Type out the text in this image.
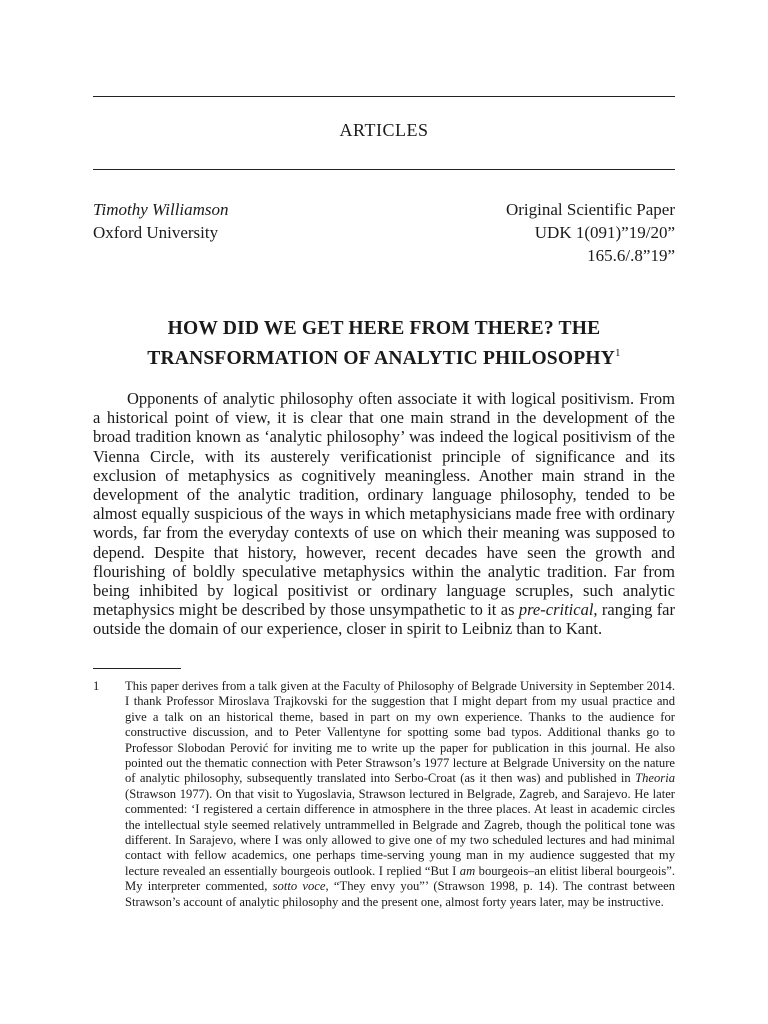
ARTICLES
Timothy Williamson
Oxford University
Original Scientific Paper
UDK 1(091)”19/20”
165.6/.8”19”
HOW DID WE GET HERE FROM THERE? THE
TRANSFORMATION OF ANALYTIC PHILOSOPHY$^1$

Opponents of analytic philosophy often associate it with logical positivism. From a historical point of view, it is clear that one main strand in the development of the broad tradition known as ‘analytic philosophy’ was indeed the logical positivism of the Vienna Circle, with its austerely verificationist principle of significance and its exclusion of metaphysics as cognitively meaningless. Another main strand in the development of the analytic tradition, ordinary language philosophy, tended to be almost equally suspicious of the ways in which metaphysicians made free with ordinary words, far from the everyday contexts of use on which their meaning was supposed to depend. Despite that history, however, recent decades have seen the growth and flourishing of boldly speculative metaphysics within the analytic tradition. Far from being inhibited by logical positivist or ordinary language scruples, such analytic metaphysics might be described by those unsympathetic to it as pre-critical, ranging far outside the domain of our experience, closer in spirit to Leibniz than to Kant.

1 This paper derives from a talk given at the Faculty of Philosophy of Belgrade University in September 2014. I thank Professor Miroslava Trajkovski for the suggestion that I might depart from my usual practice and give a talk on an historical theme, based in part on my own experience. Thanks to the audience for constructive discussion, and to Peter Vallentyne for spotting some bad typos. Additional thanks go to Professor Slobodan Perović for inviting me to write up the paper for publication in this journal. He also pointed out the thematic connection with Peter Strawson’s 1977 lecture at Belgrade University on the nature of analytic philosophy, subsequently translated into Serbo-Croat (as it then was) and published in Theoria (Strawson 1977). On that visit to Yugoslavia, Strawson lectured in Belgrade, Zagreb, and Sarajevo. He later commented: ‘I registered a certain difference in atmosphere in the three places. At least in academic circles the intellectual style seemed relatively untrammelled in Belgrade and Zagreb, though the political tone was different. In Sarajevo, where I was only allowed to give one of my two scheduled lectures and had minimal contact with fellow academics, one perhaps time-serving young man in my audience suggested that my lecture revealed an essentially bourgeois outlook. I replied “But I am bourgeois–an elitist liberal bourgeois”. My interpreter commented, sotto voce, “They envy you”’ (Strawson 1998, p. 14). The contrast between Strawson’s account of analytic philosophy and the present one, almost forty years later, may be instructive.
